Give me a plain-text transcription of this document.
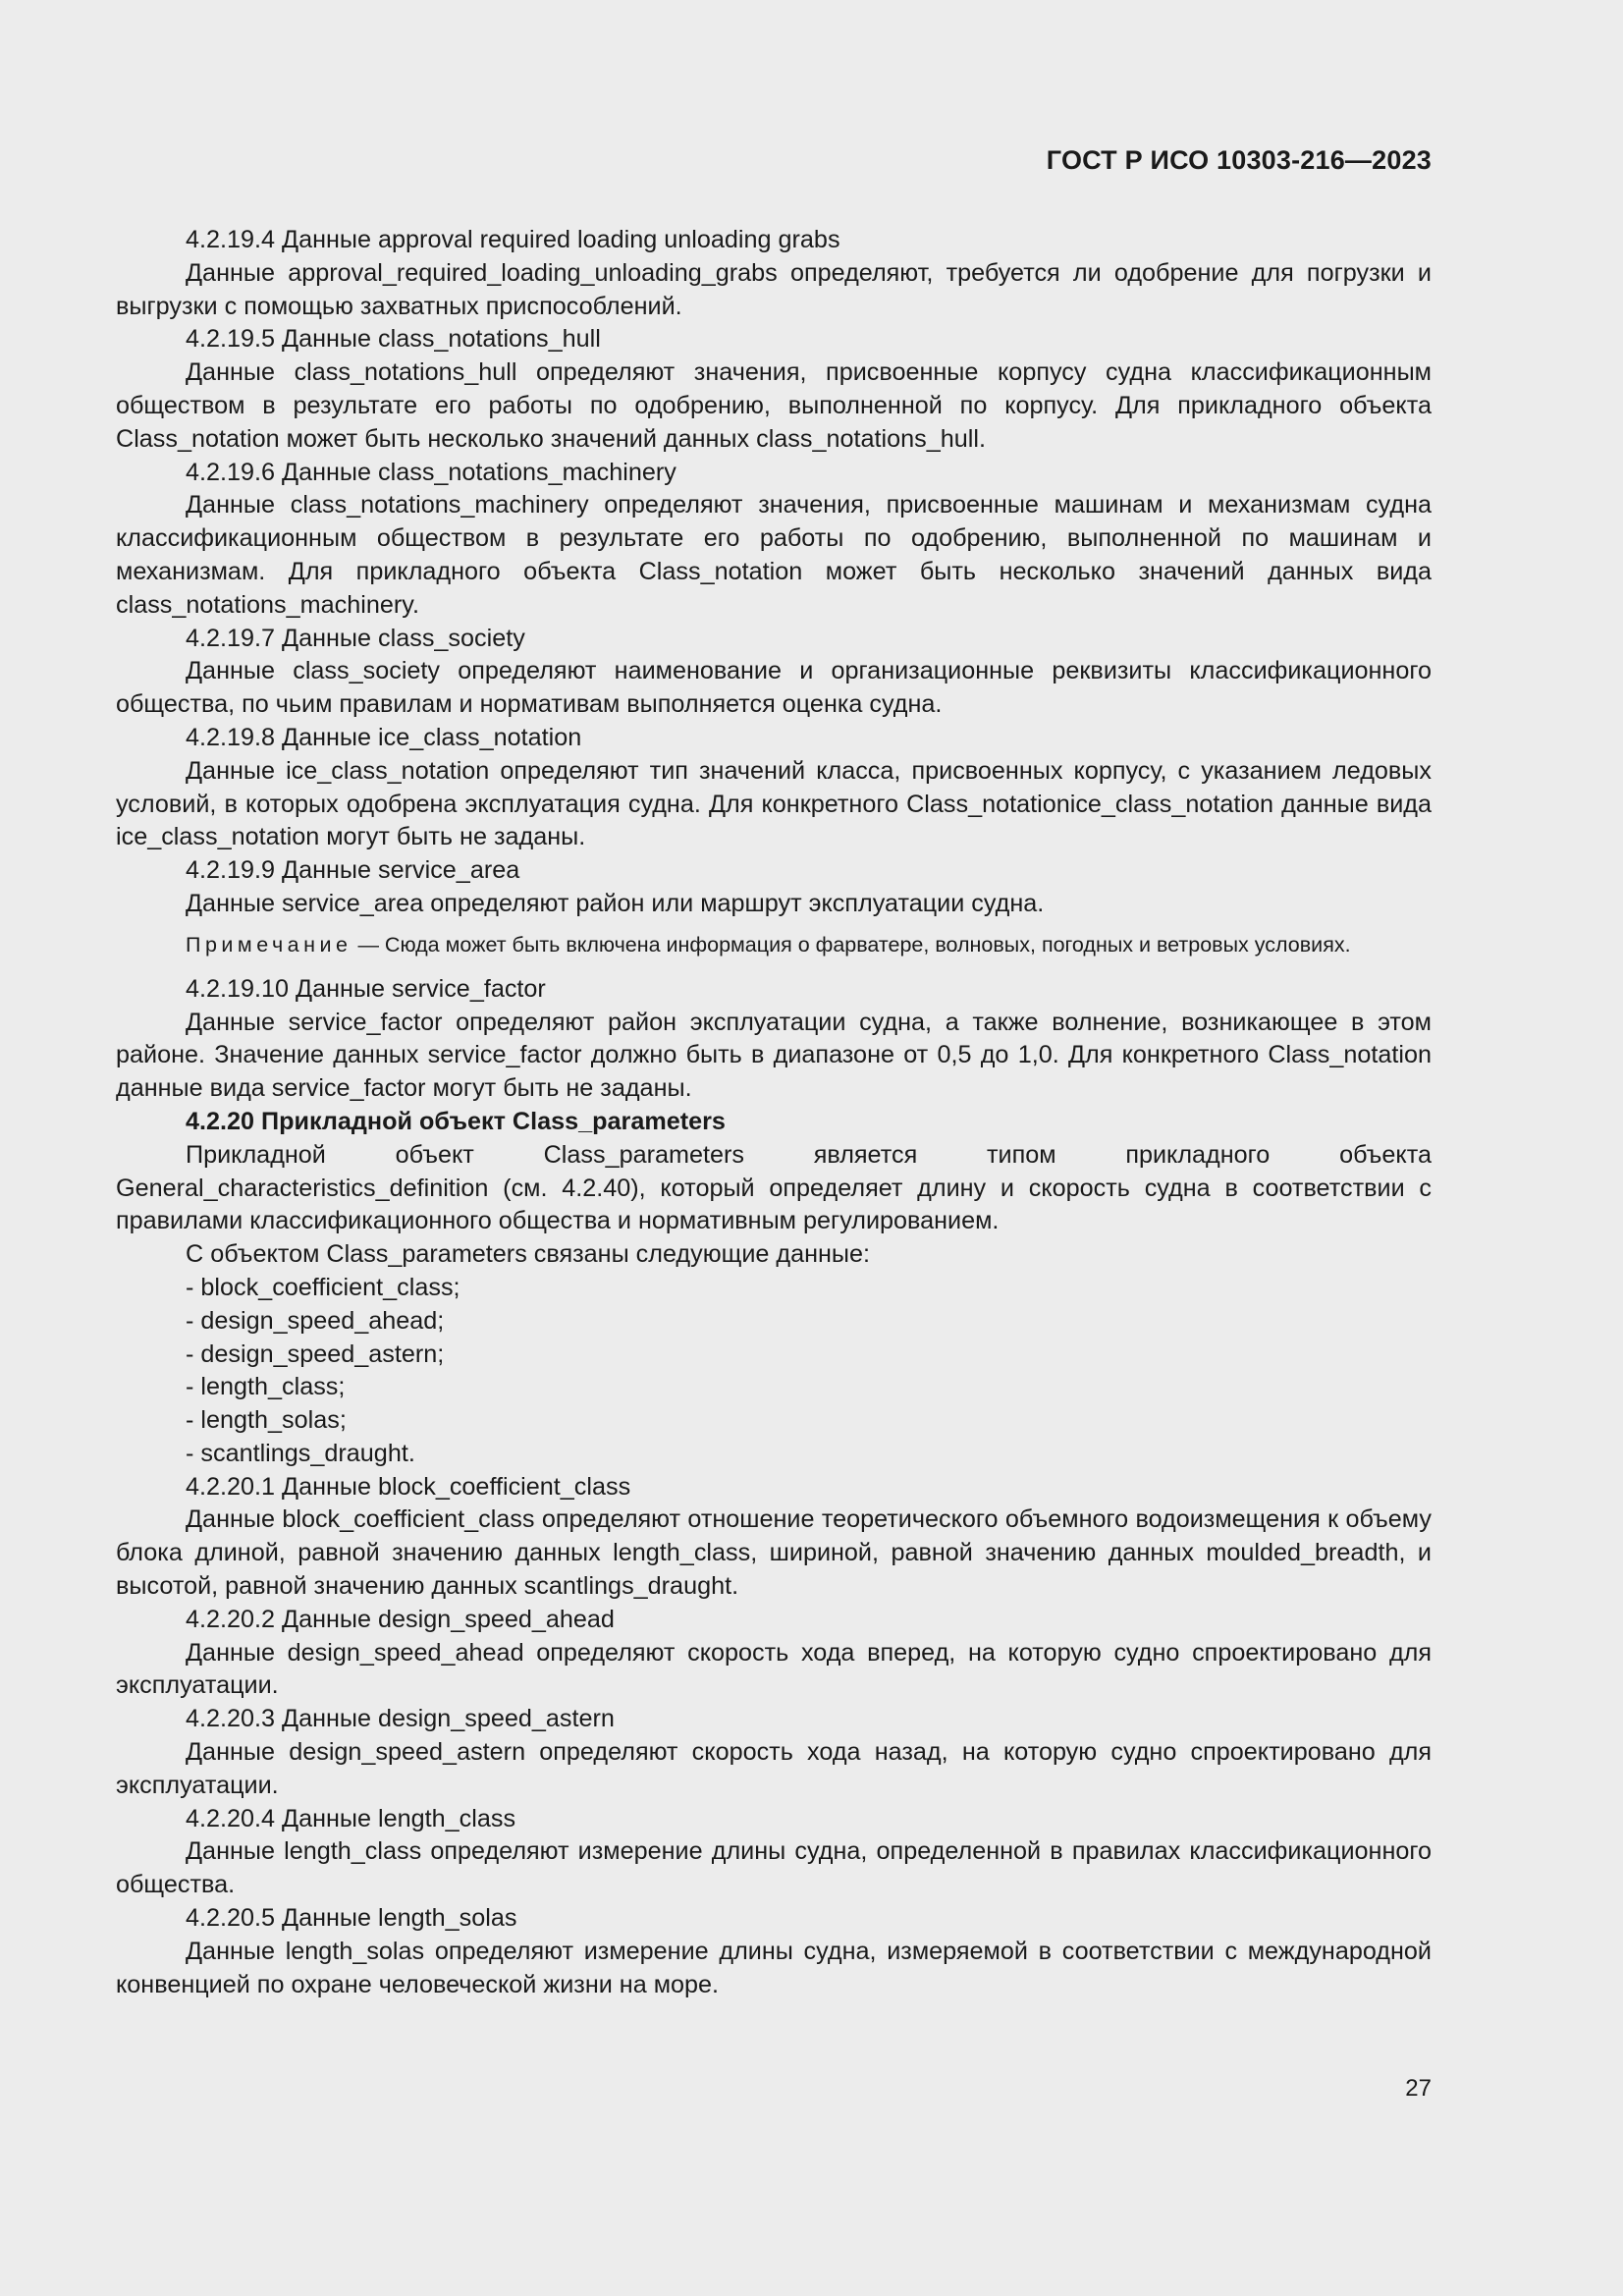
ГОСТ Р ИСО 10303-216—2023

4.2.19.4 Данные approval required loading unloading grabs

Данные approval_required_loading_unloading_grabs определяют, требуется ли одобрение для погрузки и выгрузки с помощью захватных приспособлений.

4.2.19.5 Данные class_notations_hull

Данные class_notations_hull определяют значения, присвоенные корпусу судна классификационным обществом в результате его работы по одобрению, выполненной по корпусу. Для прикладного объекта Class_notation может быть несколько значений данных class_notations_hull.

4.2.19.6 Данные class_notations_machinery

Данные class_notations_machinery определяют значения, присвоенные машинам и механизмам судна классификационным обществом в результате его работы по одобрению, выполненной по машинам и механизмам. Для прикладного объекта Class_notation может быть несколько значений данных вида class_notations_machinery.

4.2.19.7 Данные class_society

Данные class_society определяют наименование и организационные реквизиты классификационного общества, по чьим правилам и нормативам выполняется оценка судна.

4.2.19.8 Данные ice_class_notation

Данные ice_class_notation определяют тип значений класса, присвоенных корпусу, с указанием ледовых условий, в которых одобрена эксплуатация судна. Для конкретного Class_notationice_class_notation данные вида ice_class_notation могут быть не заданы.

4.2.19.9 Данные service_area

Данные service_area определяют район или маршрут эксплуатации судна.

Примечание — Сюда может быть включена информация о фарватере, волновых, погодных и ветровых условиях.

4.2.19.10 Данные service_factor

Данные service_factor определяют район эксплуатации судна, а также волнение, возникающее в этом районе. Значение данных service_factor должно быть в диапазоне от 0,5 до 1,0. Для конкретного Class_notation данные вида service_factor могут быть не заданы.

4.2.20 Прикладной объект Class_parameters

Прикладной объект Class_parameters является типом прикладного объекта General_characteristics_definition (см. 4.2.40), который определяет длину и скорость судна в соответствии с правилами классификационного общества и нормативным регулированием.

С объектом Class_parameters связаны следующие данные:

- block_coefficient_class;

- design_speed_ahead;

- design_speed_astern;

- length_class;

- length_solas;

- scantlings_draught.

4.2.20.1 Данные block_coefficient_class

Данные block_coefficient_class определяют отношение теоретического объемного водоизмещения к объему блока длиной, равной значению данных length_class, шириной, равной значению данных moulded_breadth, и высотой, равной значению данных scantlings_draught.

4.2.20.2 Данные design_speed_ahead

Данные design_speed_ahead определяют скорость хода вперед, на которую судно спроектировано для эксплуатации.

4.2.20.3 Данные design_speed_astern

Данные design_speed_astern определяют скорость хода назад, на которую судно спроектировано для эксплуатации.

4.2.20.4 Данные length_class

Данные length_class определяют измерение длины судна, определенной в правилах классификационного общества.

4.2.20.5 Данные length_solas

Данные length_solas определяют измерение длины судна, измеряемой в соответствии с международной конвенцией по охране человеческой жизни на море.

27
